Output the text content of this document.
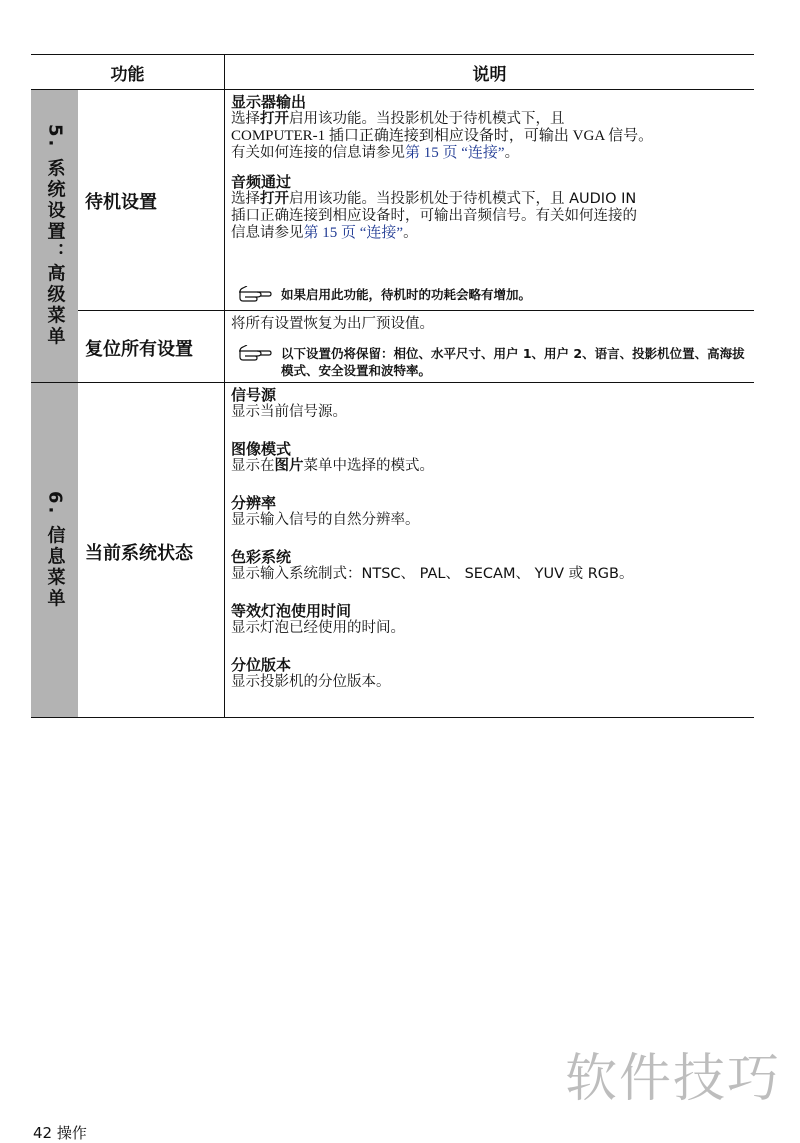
功能	说明
5. 系统设置：高级菜单
6. 信息菜单
待机设置
复位所有设置
当前系统状态

显示器输出

选择打开启用该功能。当投影机处于待机模式下，且

COMPUTER-1 插口正确连接到相应设备时，可输出 VGA 信号。

有关如何连接的信息请参见第 15 页 “连接”。

音频通过

选择打开启用该功能。当投影机处于待机模式下，且 AUDIO IN

插口正确连接到相应设备时，可输出音频信号。有关如何连接的

信息请参见第 15 页 “连接”。

如果启用此功能，待机时的功耗会略有增加。
将所有设置恢复为出厂预设值。
以下设置仍将保留：相位、水平尺寸、用户 1、用户 2、语言、投影机位置、高海拔模式、安全设置和波特率。

信号源

显示当前信号源。

图像模式

显示在图片菜单中选择的模式。

分辨率

显示输入信号的自然分辨率。

色彩系统

显示输入系统制式：NTSC、 PAL、 SECAM、 YUV 或 RGB。

等效灯泡使用时间

显示灯泡已经使用的时间。

分位版本

显示投影机的分位版本。

软件技巧
42 操作
